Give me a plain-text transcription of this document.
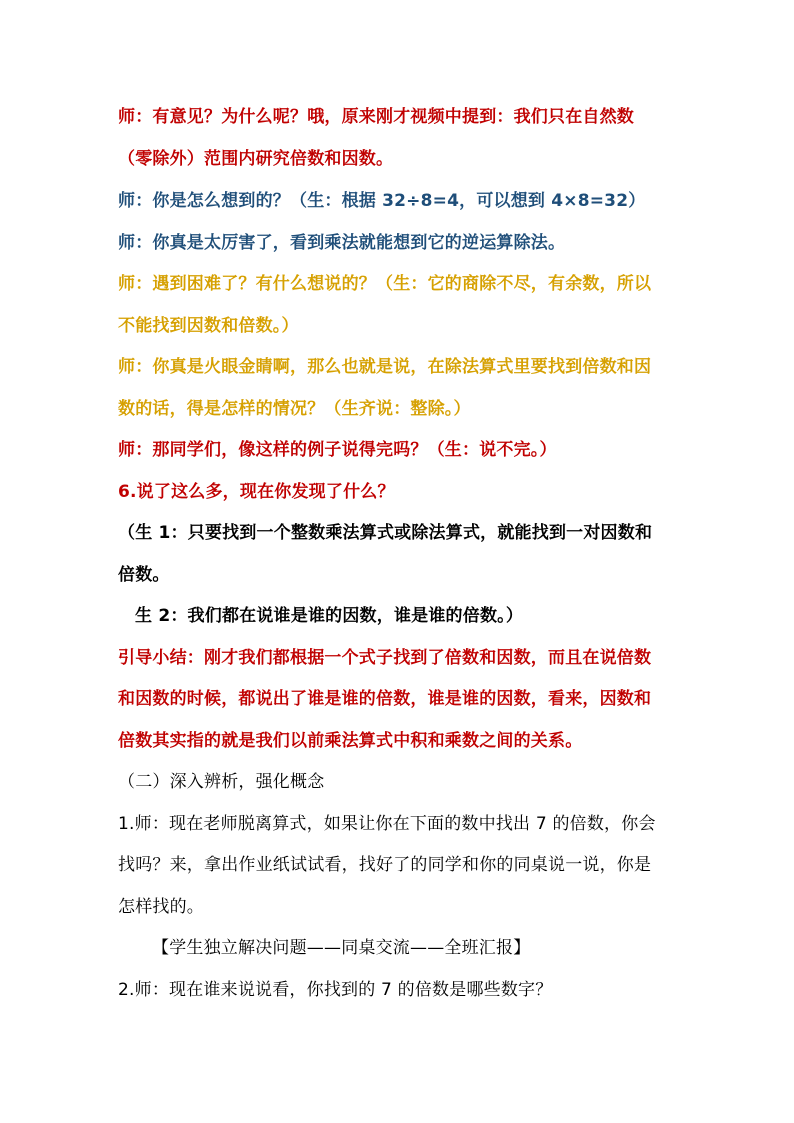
师：有意见？为什么呢？哦，原来刚才视频中提到：我们只在自然数
（零除外）范围内研究倍数和因数。
师：你是怎么想到的？（生：根据 32÷8=4，可以想到 4×8=32）
师：你真是太厉害了，看到乘法就能想到它的逆运算除法。
师：遇到困难了？有什么想说的？（生：它的商除不尽，有余数，所以
不能找到因数和倍数。）
师：你真是火眼金睛啊，那么也就是说，在除法算式里要找到倍数和因
数的话，得是怎样的情况？（生齐说：整除。）
师：那同学们，像这样的例子说得完吗？（生：说不完。）
6.说了这么多，现在你发现了什么？
（生 1：只要找到一个整数乘法算式或除法算式，就能找到一对因数和
倍数。
生 2：我们都在说谁是谁的因数，谁是谁的倍数。）
引导小结：刚才我们都根据一个式子找到了倍数和因数，而且在说倍数
和因数的时候，都说出了谁是谁的倍数，谁是谁的因数，看来，因数和
倍数其实指的就是我们以前乘法算式中积和乘数之间的关系。
（二）深入辨析，强化概念
1.师：现在老师脱离算式，如果让你在下面的数中找出 7 的倍数，你会
找吗？来，拿出作业纸试试看，找好了的同学和你的同桌说一说，你是
怎样找的。
【学生独立解决问题——同桌交流——全班汇报】
2.师：现在谁来说说看，你找到的 7 的倍数是哪些数字？
